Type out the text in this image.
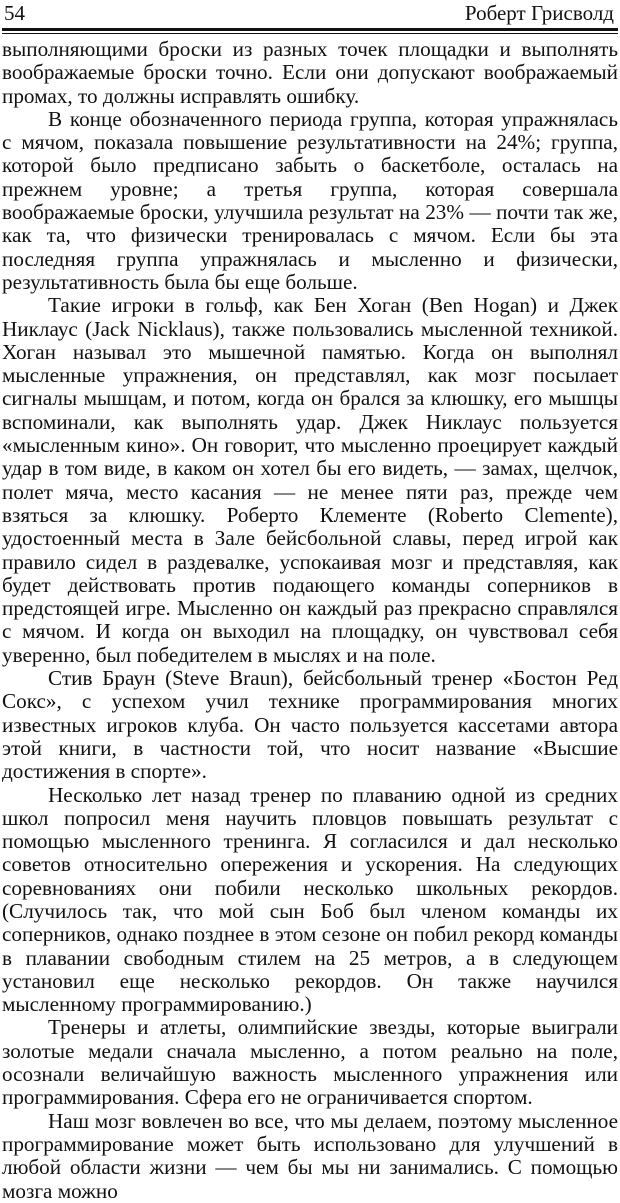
54	Роберт Грисволд

выполняющими броски из разных точек площадки и выполнять воображаемые броски точно. Если они допускают воображаемый промах, то должны исправлять ошибку.

В конце обозначенного периода группа, которая упражнялась с мячом, показала повышение результативности на 24%; группа, которой было предписано забыть о баскетболе, осталась на прежнем уровне; а третья группа, которая совершала воображаемые броски, улучшила результат на 23% — почти так же, как та, что физически тренировалась с мячом. Если бы эта последняя группа упражнялась и мысленно и физически, результативность была бы еще больше.

Такие игроки в гольф, как Бен Хоган (Ben Hogan) и Джек Никлаус (Jack Nicklaus), также пользовались мысленной техникой. Хоган называл это мышечной памятью. Когда он выполнял мысленные упражнения, он представлял, как мозг посылает сигналы мышцам, и потом, когда он брался за клюшку, его мышцы вспоминали, как выполнять удар. Джек Никлаус пользуется «мысленным кино». Он говорит, что мысленно проецирует каждый удар в том виде, в каком он хотел бы его видеть, — замах, щелчок, полет мяча, место касания — не менее пяти раз, прежде чем взяться за клюшку. Роберто Клементе (Roberto Clemente), удостоенный места в Зале бейсбольной славы, перед игрой как правило сидел в раздевалке, успокаивая мозг и представляя, как будет действовать против подающего команды соперников в предстоящей игре. Мысленно он каждый раз прекрасно справлялся с мячом. И когда он выходил на площадку, он чувствовал себя уверенно, был победителем в мыслях и на поле.

Стив Браун (Steve Braun), бейсбольный тренер «Бостон Ред Сокс», с успехом учил технике программирования многих известных игроков клуба. Он часто пользуется кассетами автора этой книги, в частности той, что носит название «Высшие достижения в спорте».

Несколько лет назад тренер по плаванию одной из средних школ попросил меня научить пловцов повышать результат с помощью мысленного тренинга. Я согласился и дал несколько советов относительно опережения и ускорения. На следующих соревнованиях они побили несколько школьных рекордов. (Случилось так, что мой сын Боб был членом команды их соперников, однако позднее в этом сезоне он побил рекорд команды в плавании свободным стилем на 25 метров, а в следующем установил еще несколько рекордов. Он также научился мысленному программированию.)

Тренеры и атлеты, олимпийские звезды, которые выиграли золотые медали сначала мысленно, а потом реально на поле, осознали величайшую важность мысленного упражнения или программирования. Сфера его не ограничивается спортом.

Наш мозг вовлечен во все, что мы делаем, поэтому мысленное программирование может быть использовано для улучшений в любой области жизни — чем бы мы ни занимались. С помощью мозга можно
